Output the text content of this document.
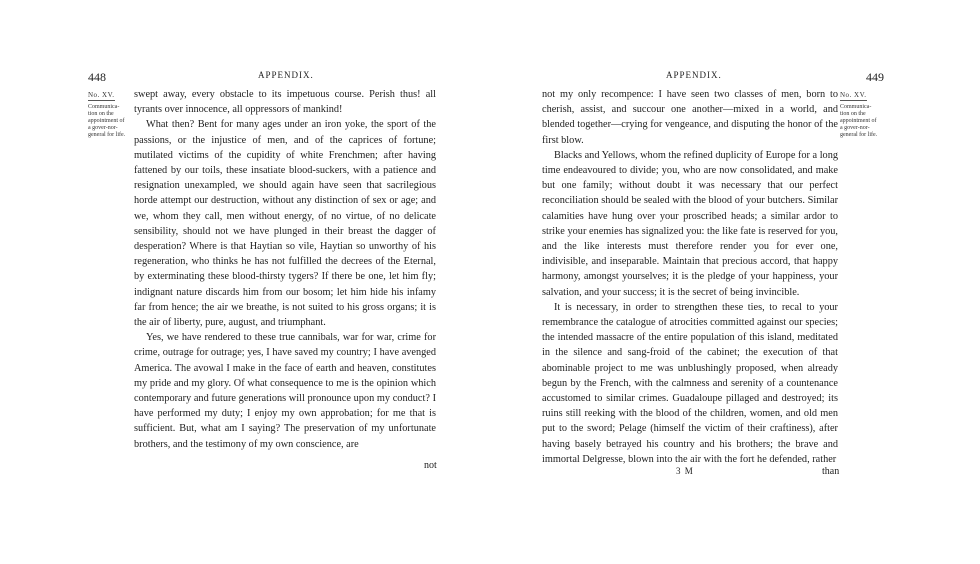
448	APPENDIX.
No. XV.
Communica-tion on the appointment of a gover-nor-general for life.

swept away, every obstacle to its impetuous course. Perish thus! all tyrants over innocence, all oppressors of mankind!

What then? Bent for many ages under an iron yoke, the sport of the passions, or the injustice of men, and of the caprices of fortune; mutilated victims of the cupidity of white Frenchmen; after having fattened by our toils, these insatiate blood-suckers, with a patience and resignation unexampled, we should again have seen that sacrilegious horde attempt our destruction, without any distinction of sex or age; and we, whom they call, men without energy, of no virtue, of no delicate sensibility, should not we have plunged in their breast the dagger of desperation? Where is that Haytian so vile, Haytian so unworthy of his regeneration, who thinks he has not fulfilled the decrees of the Eternal, by exterminating these blood-thirsty tygers? If there be one, let him fly; indignant nature discards him from our bosom; let him hide his infamy far from hence; the air we breathe, is not suited to his gross organs; it is the air of liberty, pure, august, and triumphant.

Yes, we have rendered to these true cannibals, war for war, crime for crime, outrage for outrage; yes, I have saved my country; I have avenged America. The avowal I make in the face of earth and heaven, constitutes my pride and my glory. Of what consequence to me is the opinion which contemporary and future generations will pronounce upon my conduct? I have performed my duty; I enjoy my own approbation; for me that is sufficient. But, what am I saying? The preservation of my unfortunate brothers, and the testimony of my own conscience, are

not
APPENDIX.	449
No. XV.
Communica-tion on the appointment of a gover-nor-general for life.

not my only recompence: I have seen two classes of men, born to cherish, assist, and succour one another—mixed in a world, and blended together—crying for vengeance, and disputing the honor of the first blow.

Blacks and Yellows, whom the refined duplicity of Europe for a long time endeavoured to divide; you, who are now consolidated, and make but one family; without doubt it was necessary that our perfect reconciliation should be sealed with the blood of your butchers. Similar calamities have hung over your proscribed heads; a similar ardor to strike your enemies has signalized you: the like fate is reserved for you, and the like interests must therefore render you for ever one, indivisible, and inseparable. Maintain that precious accord, that happy harmony, amongst yourselves; it is the pledge of your happiness, your salvation, and your success; it is the secret of being invincible.

It is necessary, in order to strengthen these ties, to recal to your remembrance the catalogue of atrocities committed against our species; the intended massacre of the entire population of this island, meditated in the silence and sang-froid of the cabinet; the execution of that abominable project to me was unblushingly proposed, when already begun by the French, with the calmness and serenity of a countenance accustomed to similar crimes. Guadaloupe pillaged and destroyed; its ruins still reeking with the blood of the children, women, and old men put to the sword; Pelage (himself the victim of their craftiness), after having basely betrayed his country and his brothers; the brave and immortal Delgresse, blown into the air with the fort he defended, rather

3 M	than
